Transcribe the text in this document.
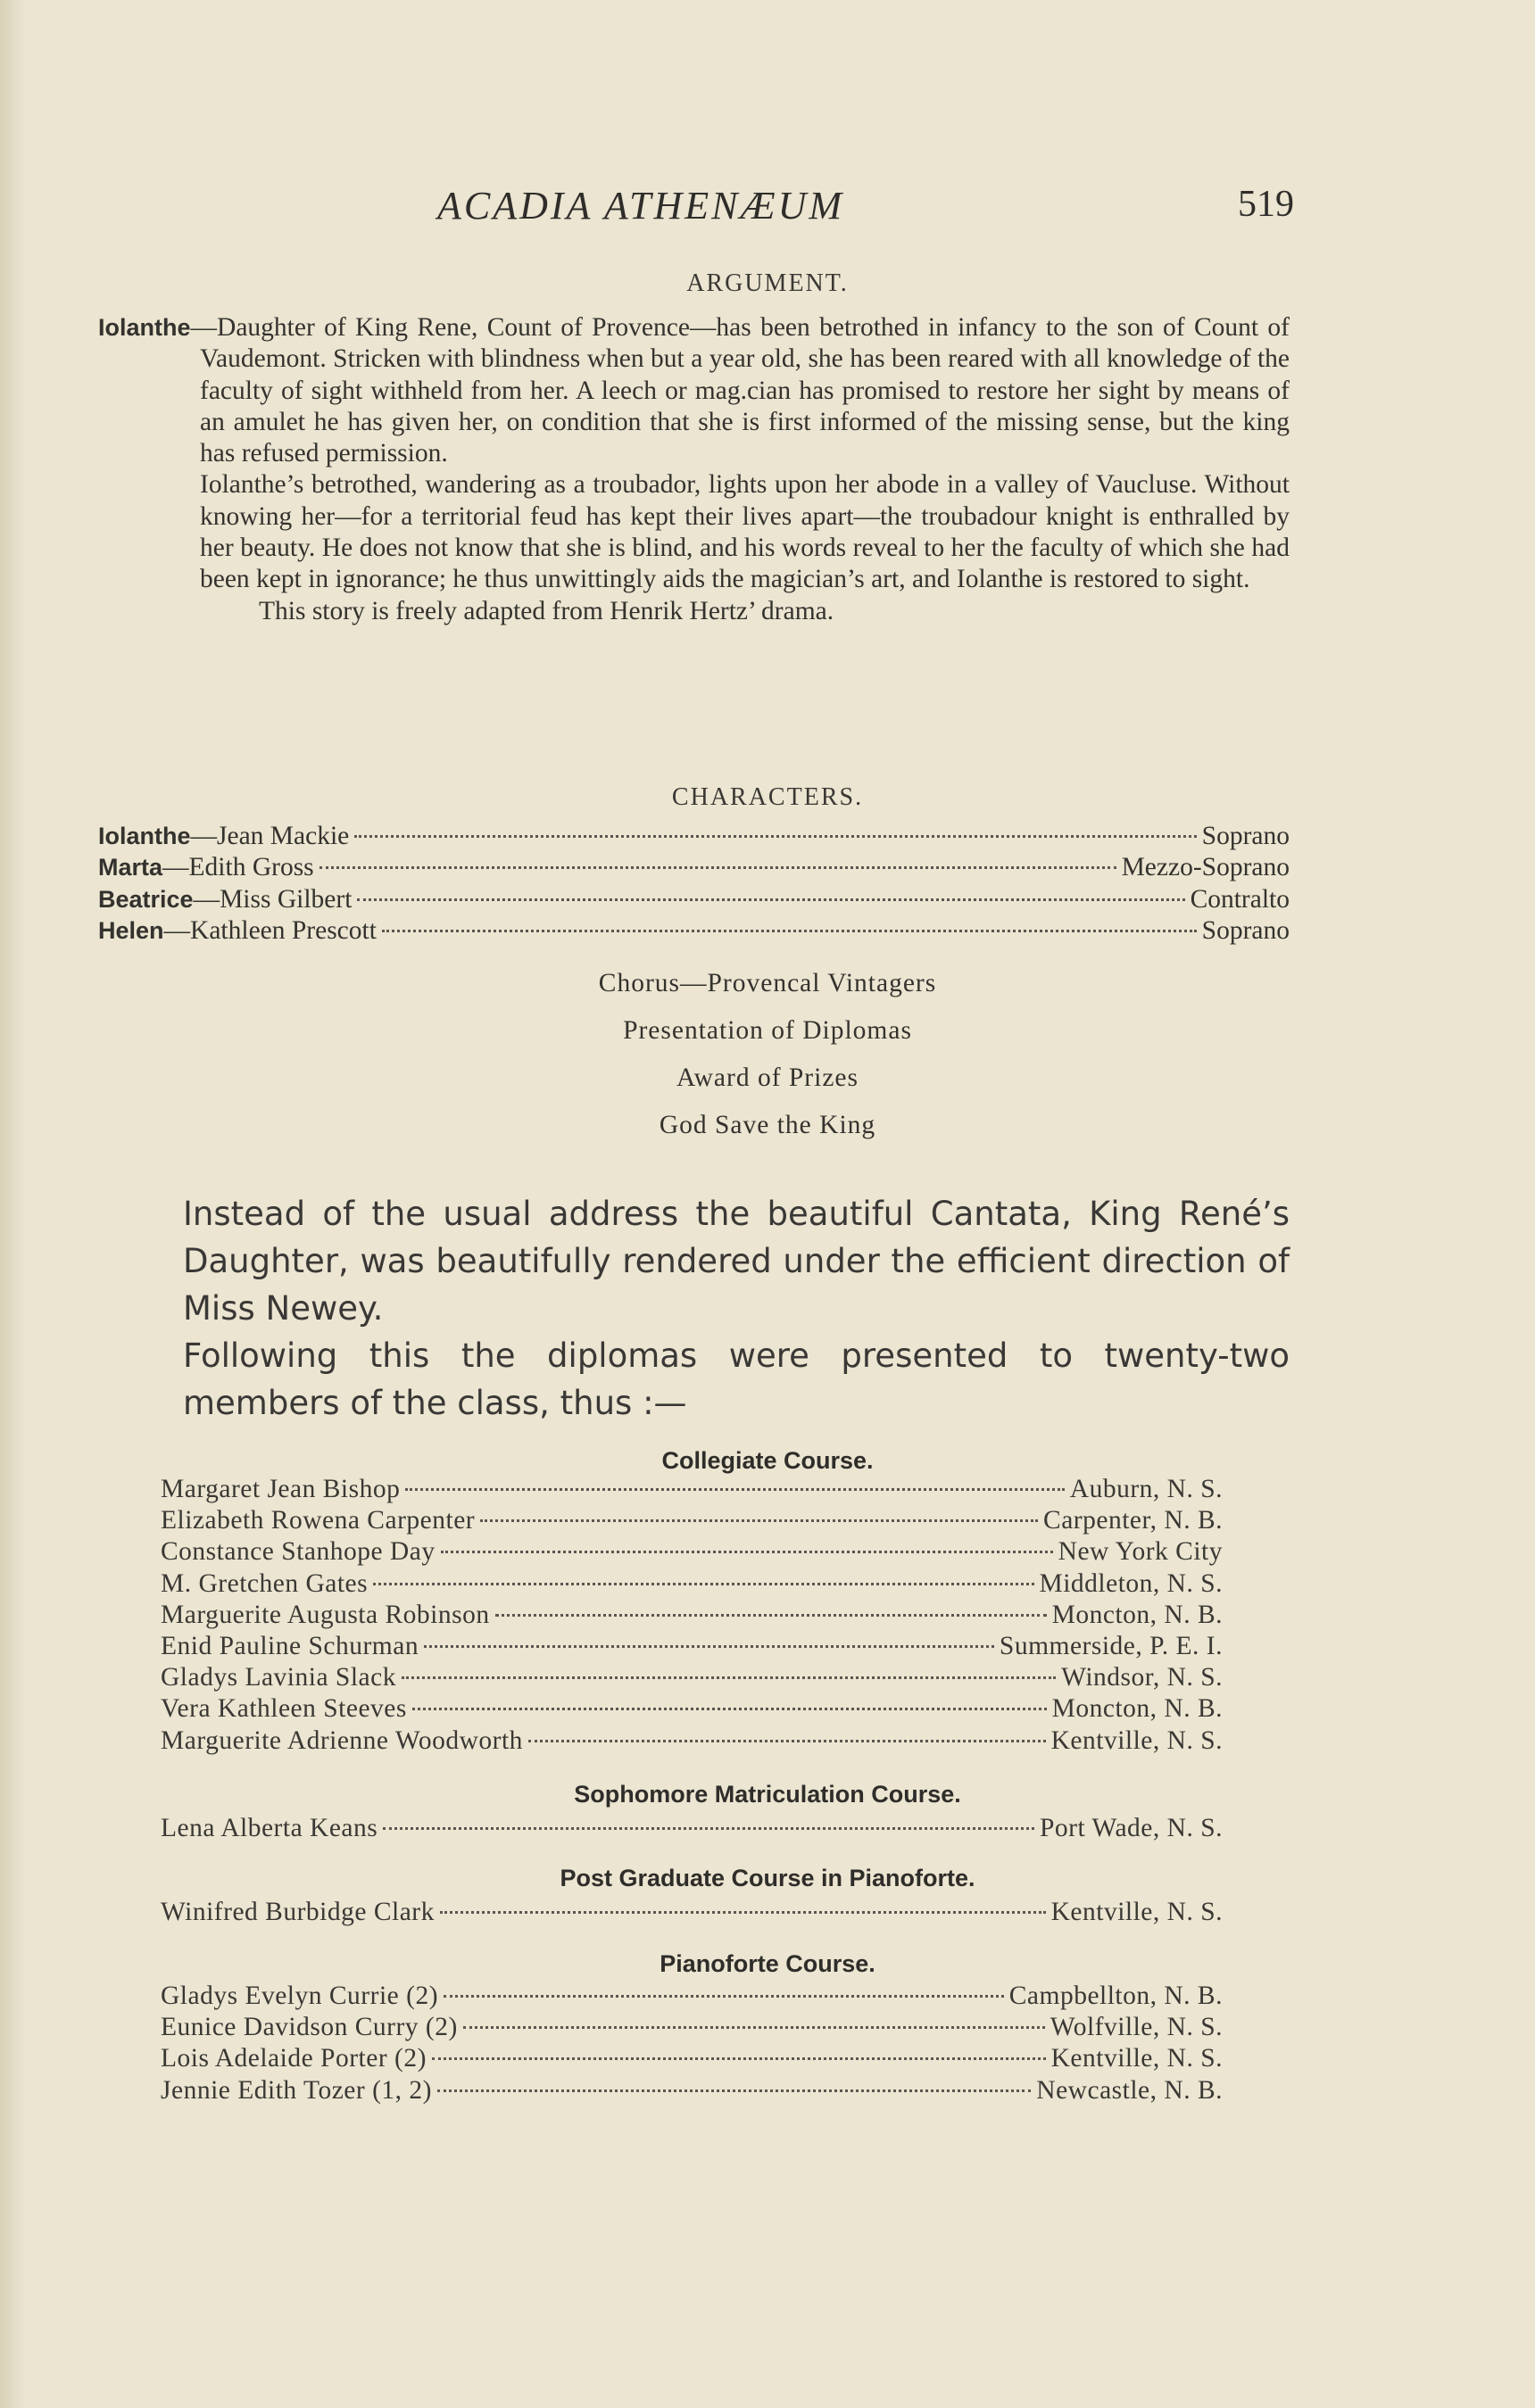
ACADIA ATHENÆUM	519
ARGUMENT.

Iolanthe—Daughter of King Rene, Count of Provence—has been betrothed in infancy to the son of Count of Vaudemont. Stricken with blindness when but a year old, she has been reared with all knowledge of the faculty of sight withheld from her. A leech or mag.cian has promised to restore her sight by means of an amulet he has given her, on condition that she is first informed of the missing sense, but the king has refused permission.

Iolanthe’s betrothed, wandering as a troubador, lights upon her abode in a valley of Vaucluse. Without knowing her—for a territorial feud has kept their lives apart—the troubadour knight is enthralled by her beauty. He does not know that she is blind, and his words reveal to her the faculty of which she had been kept in ignorance; he thus unwittingly aids the magician’s art, and Iolanthe is restored to sight.

This story is freely adapted from Henrik Hertz’ drama.

CHARACTERS.
Iolanthe—Jean Mackie	Soprano
Marta—Edith Gross	Mezzo-Soprano
Beatrice—Miss Gilbert	Contralto
Helen—Kathleen Prescott	Soprano
Chorus—Provencal Vintagers
Presentation of Diplomas
Award of Prizes
God Save the King

Instead of the usual address the beautiful Cantata, King René’s Daughter, was beautifully rendered under the efficient direction of Miss Newey.

Following this the diplomas were presented to twenty-two members of the class, thus :—

Collegiate Course.
Margaret Jean Bishop	Auburn, N. S.
Elizabeth Rowena Carpenter	Carpenter, N. B.
Constance Stanhope Day	New York City
M. Gretchen Gates	Middleton, N. S.
Marguerite Augusta Robinson	Moncton, N. B.
Enid Pauline Schurman	Summerside, P. E. I.
Gladys Lavinia Slack	Windsor, N. S.
Vera Kathleen Steeves	Moncton, N. B.
Marguerite Adrienne Woodworth	Kentville, N. S.
Sophomore Matriculation Course.
Lena Alberta Keans	Port Wade, N. S.
Post Graduate Course in Pianoforte.
Winifred Burbidge Clark	Kentville, N. S.
Pianoforte Course.
Gladys Evelyn Currie (2)	Campbellton, N. B.
Eunice Davidson Curry (2)	Wolfville, N. S.
Lois Adelaide Porter (2)	Kentville, N. S.
Jennie Edith Tozer (1, 2)	Newcastle, N. B.
